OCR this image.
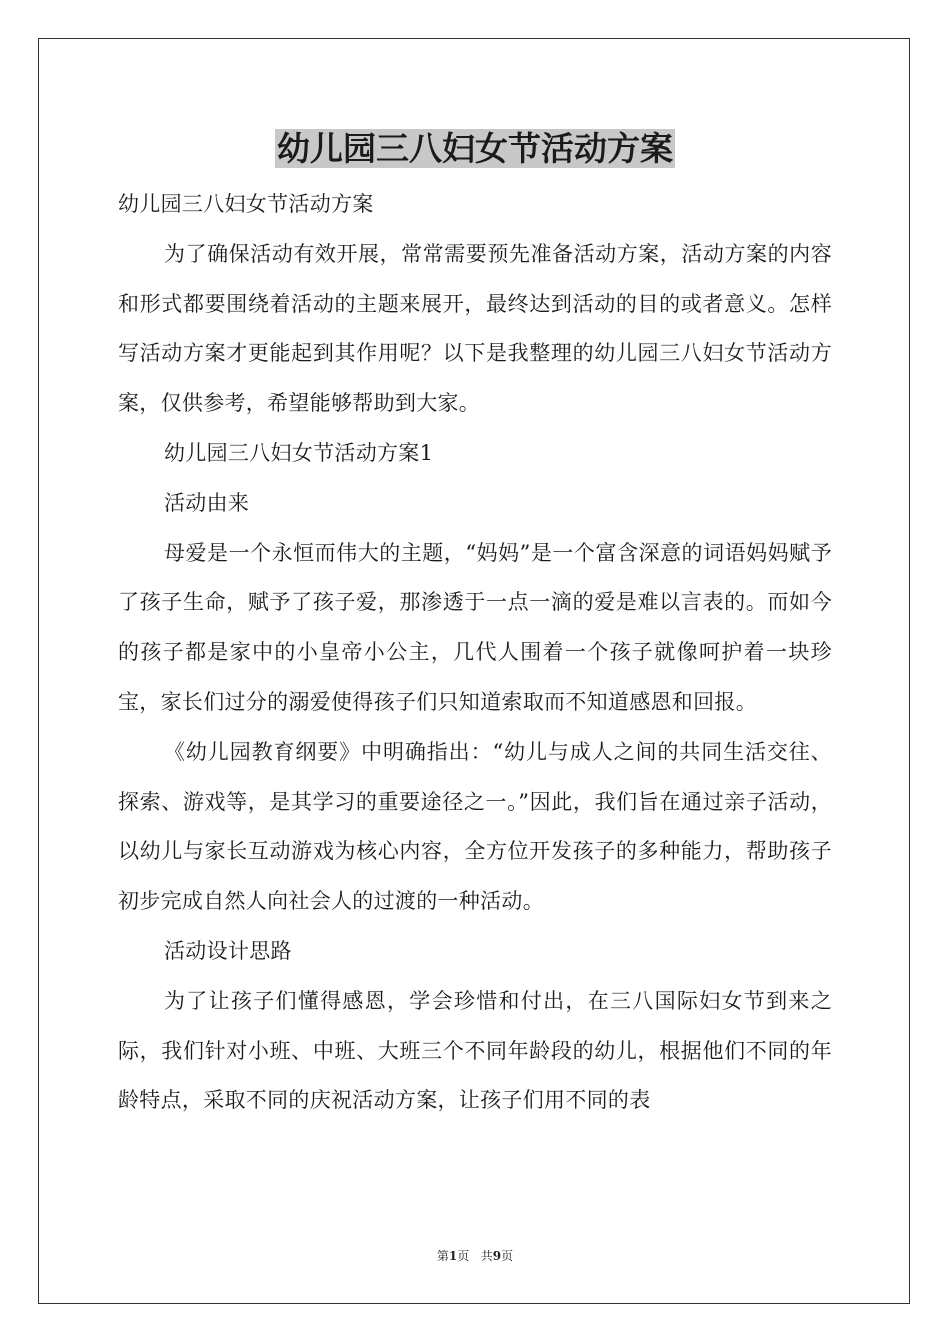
幼儿园三八妇女节活动方案

幼儿园三八妇女节活动方案

为了确保活动有效开展，常常需要预先准备活动方案，活动方案的内容和形式都要围绕着活动的主题来展开，最终达到活动的目的或者意义。怎样写活动方案才更能起到其作用呢？以下是我整理的幼儿园三八妇女节活动方案，仅供参考，希望能够帮助到大家。

幼儿园三八妇女节活动方案1

活动由来

母爱是一个永恒而伟大的主题，“妈妈”是一个富含深意的词语妈妈赋予了孩子生命，赋予了孩子爱，那渗透于一点一滴的爱是难以言表的。而如今的孩子都是家中的小皇帝小公主，几代人围着一个孩子就像呵护着一块珍宝，家长们过分的溺爱使得孩子们只知道索取而不知道感恩和回报。

《幼儿园教育纲要》中明确指出：“幼儿与成人之间的共同生活交往、探索、游戏等，是其学习的重要途径之一。”因此，我们旨在通过亲子活动，以幼儿与家长互动游戏为核心内容，全方位开发孩子的多种能力，帮助孩子初步完成自然人向社会人的过渡的一种活动。

活动设计思路

为了让孩子们懂得感恩，学会珍惜和付出，在三八国际妇女节到来之际，我们针对小班、中班、大班三个不同年龄段的幼儿，根据他们不同的年龄特点，采取不同的庆祝活动方案，让孩子们用不同的表

第1页 共9页
